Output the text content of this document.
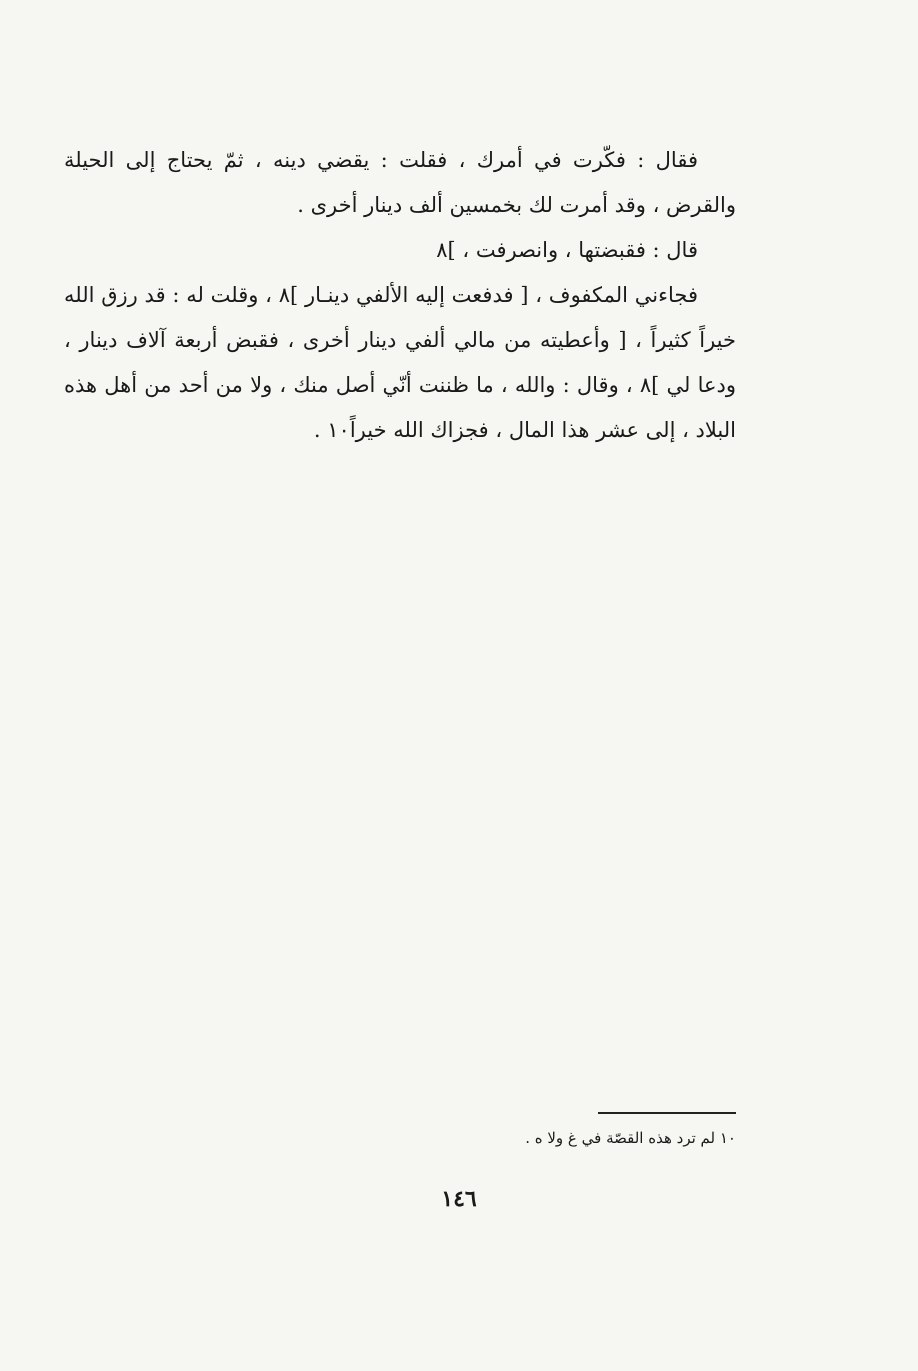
فقال : فكّرت في أمرك ، فقلت : يقضي دينه ، ثمّ يحتاج إلى الحيلة والقرض ، وقد أمرت لك بخمسين ألف دينار أخرى .

قال : فقبضتها ، وانصرفت ، ]٨

فجاءني المكفوف ، [ فدفعت إليه الألفي دينـار ]٨ ، وقلت له : قد رزق الله خيراً كثيراً ، [ وأعطيته من مالي ألفي دينار أخرى ، فقبض أربعة آلاف دينار ، ودعا لي ]٨ ، وقال : والله ، ما ظننت أنّي أصل منك ، ولا من أحد من أهل هذه البلاد ، إلى عشر هذا المال ، فجزاك الله خيراً١٠ .

١٠ لم ترد هذه القصّة في غ ولا ه .
١٤٦
